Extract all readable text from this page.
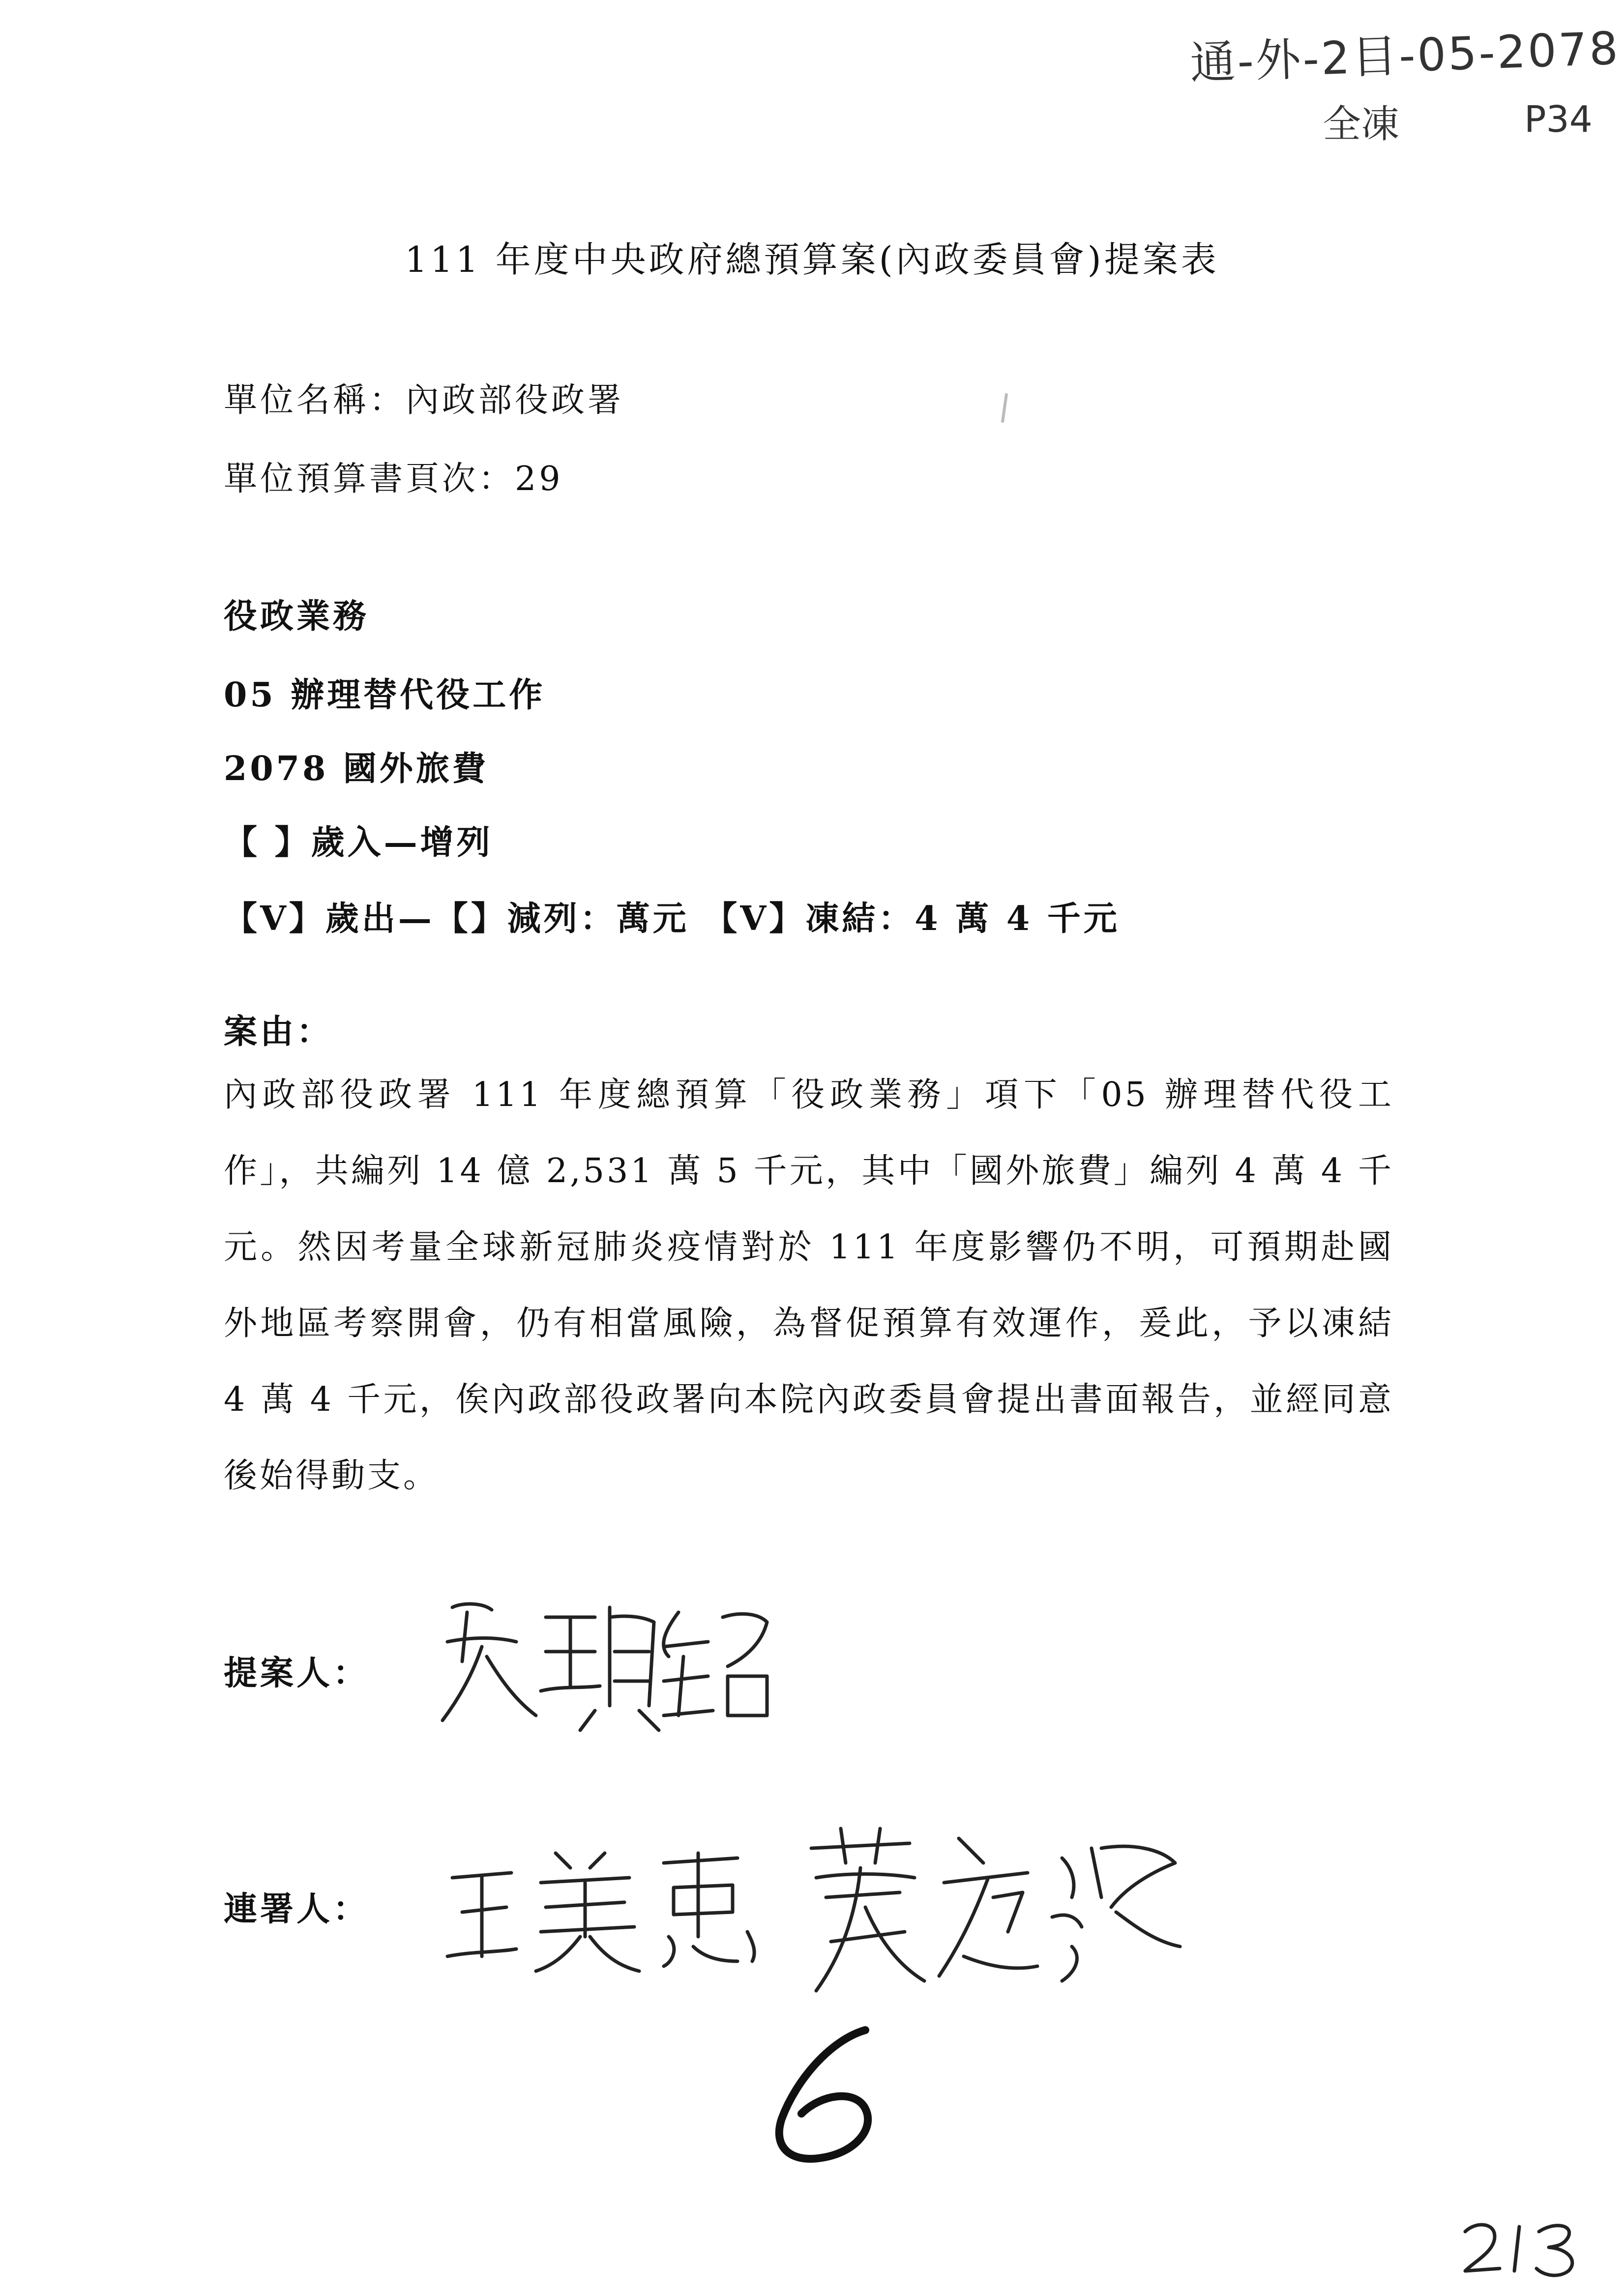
通-外-2目-05-2078
全凍	P34
111 年度中央政府總預算案(內政委員會)提案表
單位名稱：內政部役政署
單位預算書頁次：29
役政業務
05 辦理替代役工作
2078 國外旅費
【 】歲入—增列
【V】歲出—【】減列：萬元 【V】凍結：4 萬 4 千元
案由：
內政部役政署 111 年度總預算「役政業務」項下「05 辦理替代役工作」，共編列 14 億 2,531 萬 5 千元，其中「國外旅費」編列 4 萬 4 千元。然因考量全球新冠肺炎疫情對於 111 年度影響仍不明，可預期赴國外地區考察開會，仍有相當風險，為督促預算有效運作，爰此，予以凍結 4 萬 4 千元，俟內政部役政署向本院內政委員會提出書面報告，並經同意後始得動支。
提案人：
連署人：
